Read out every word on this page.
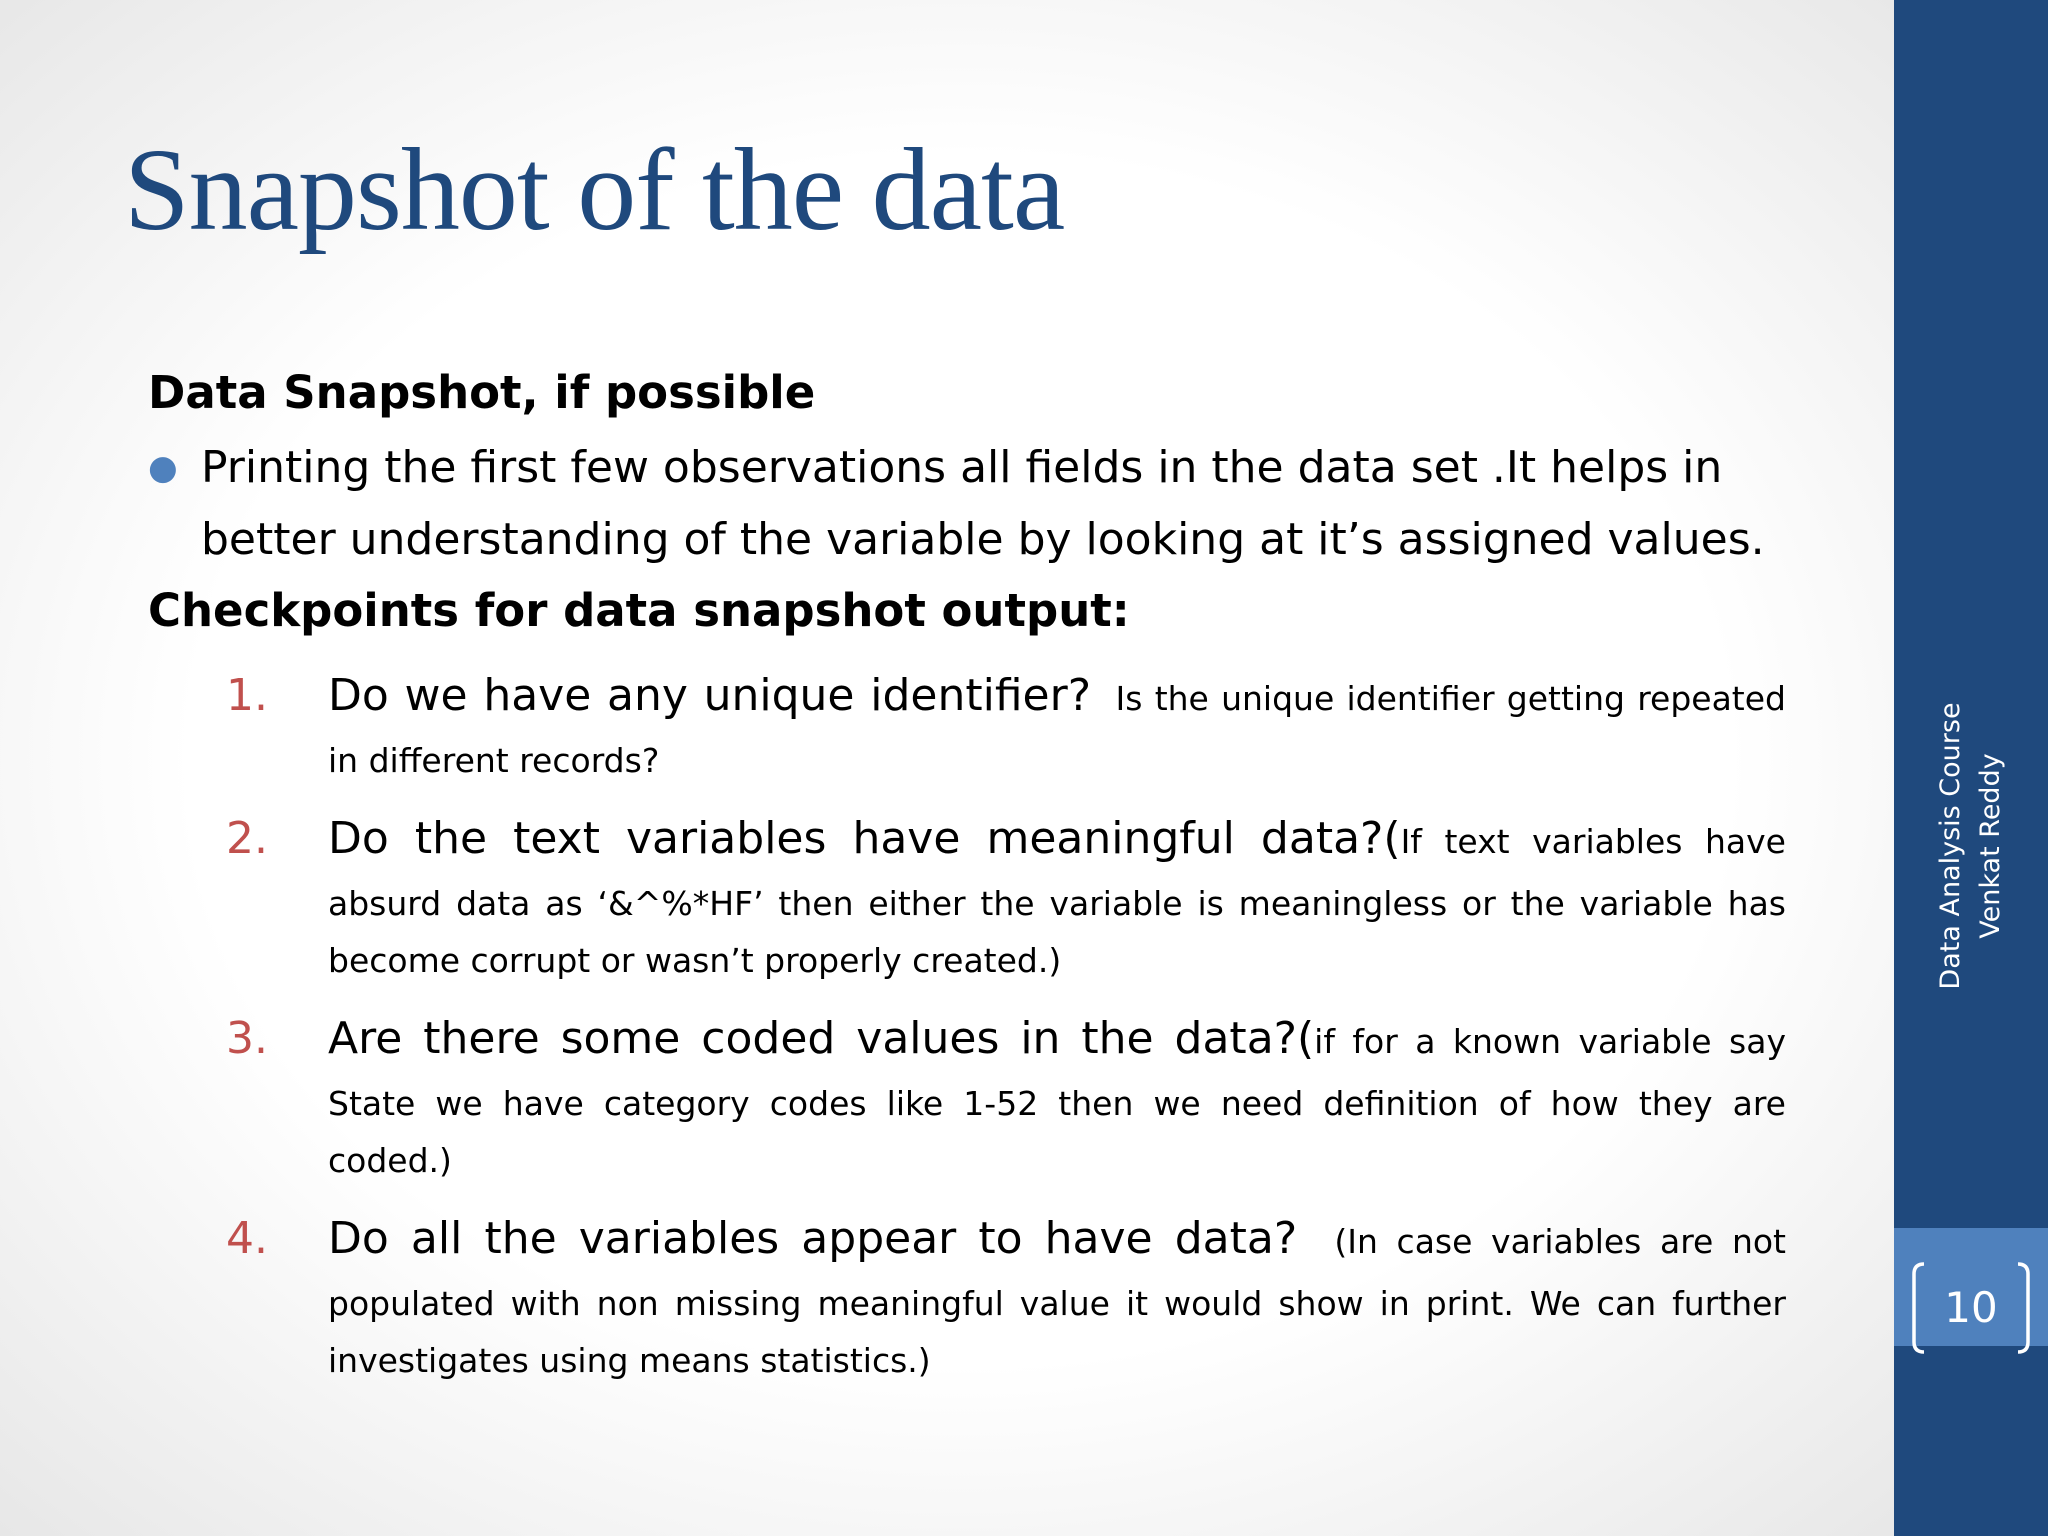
10
Data Analysis Course Venkat Reddy
Snapshot of the data

Data Snapshot, if possible

● Printing the first few observations all fields in the data set .It helps in better understanding of the variable by looking at it’s assigned values.

Checkpoints for data snapshot output:

1. Do we have any unique identifier? Is the unique identifier getting repeated in different records?
2. Do the text variables have meaningful data?(If text variables have absurd data as ‘&^%*HF’ then either the variable is meaningless or the variable has become corrupt or wasn’t properly created.)
3. Are there some coded values in the data?(if for a known variable say State we have category codes like 1-52 then we need definition of how they are coded.)
4. Do all the variables appear to have data? (In case variables are not populated with non missing meaningful value it would show in print. We can further investigates using means statistics.)
